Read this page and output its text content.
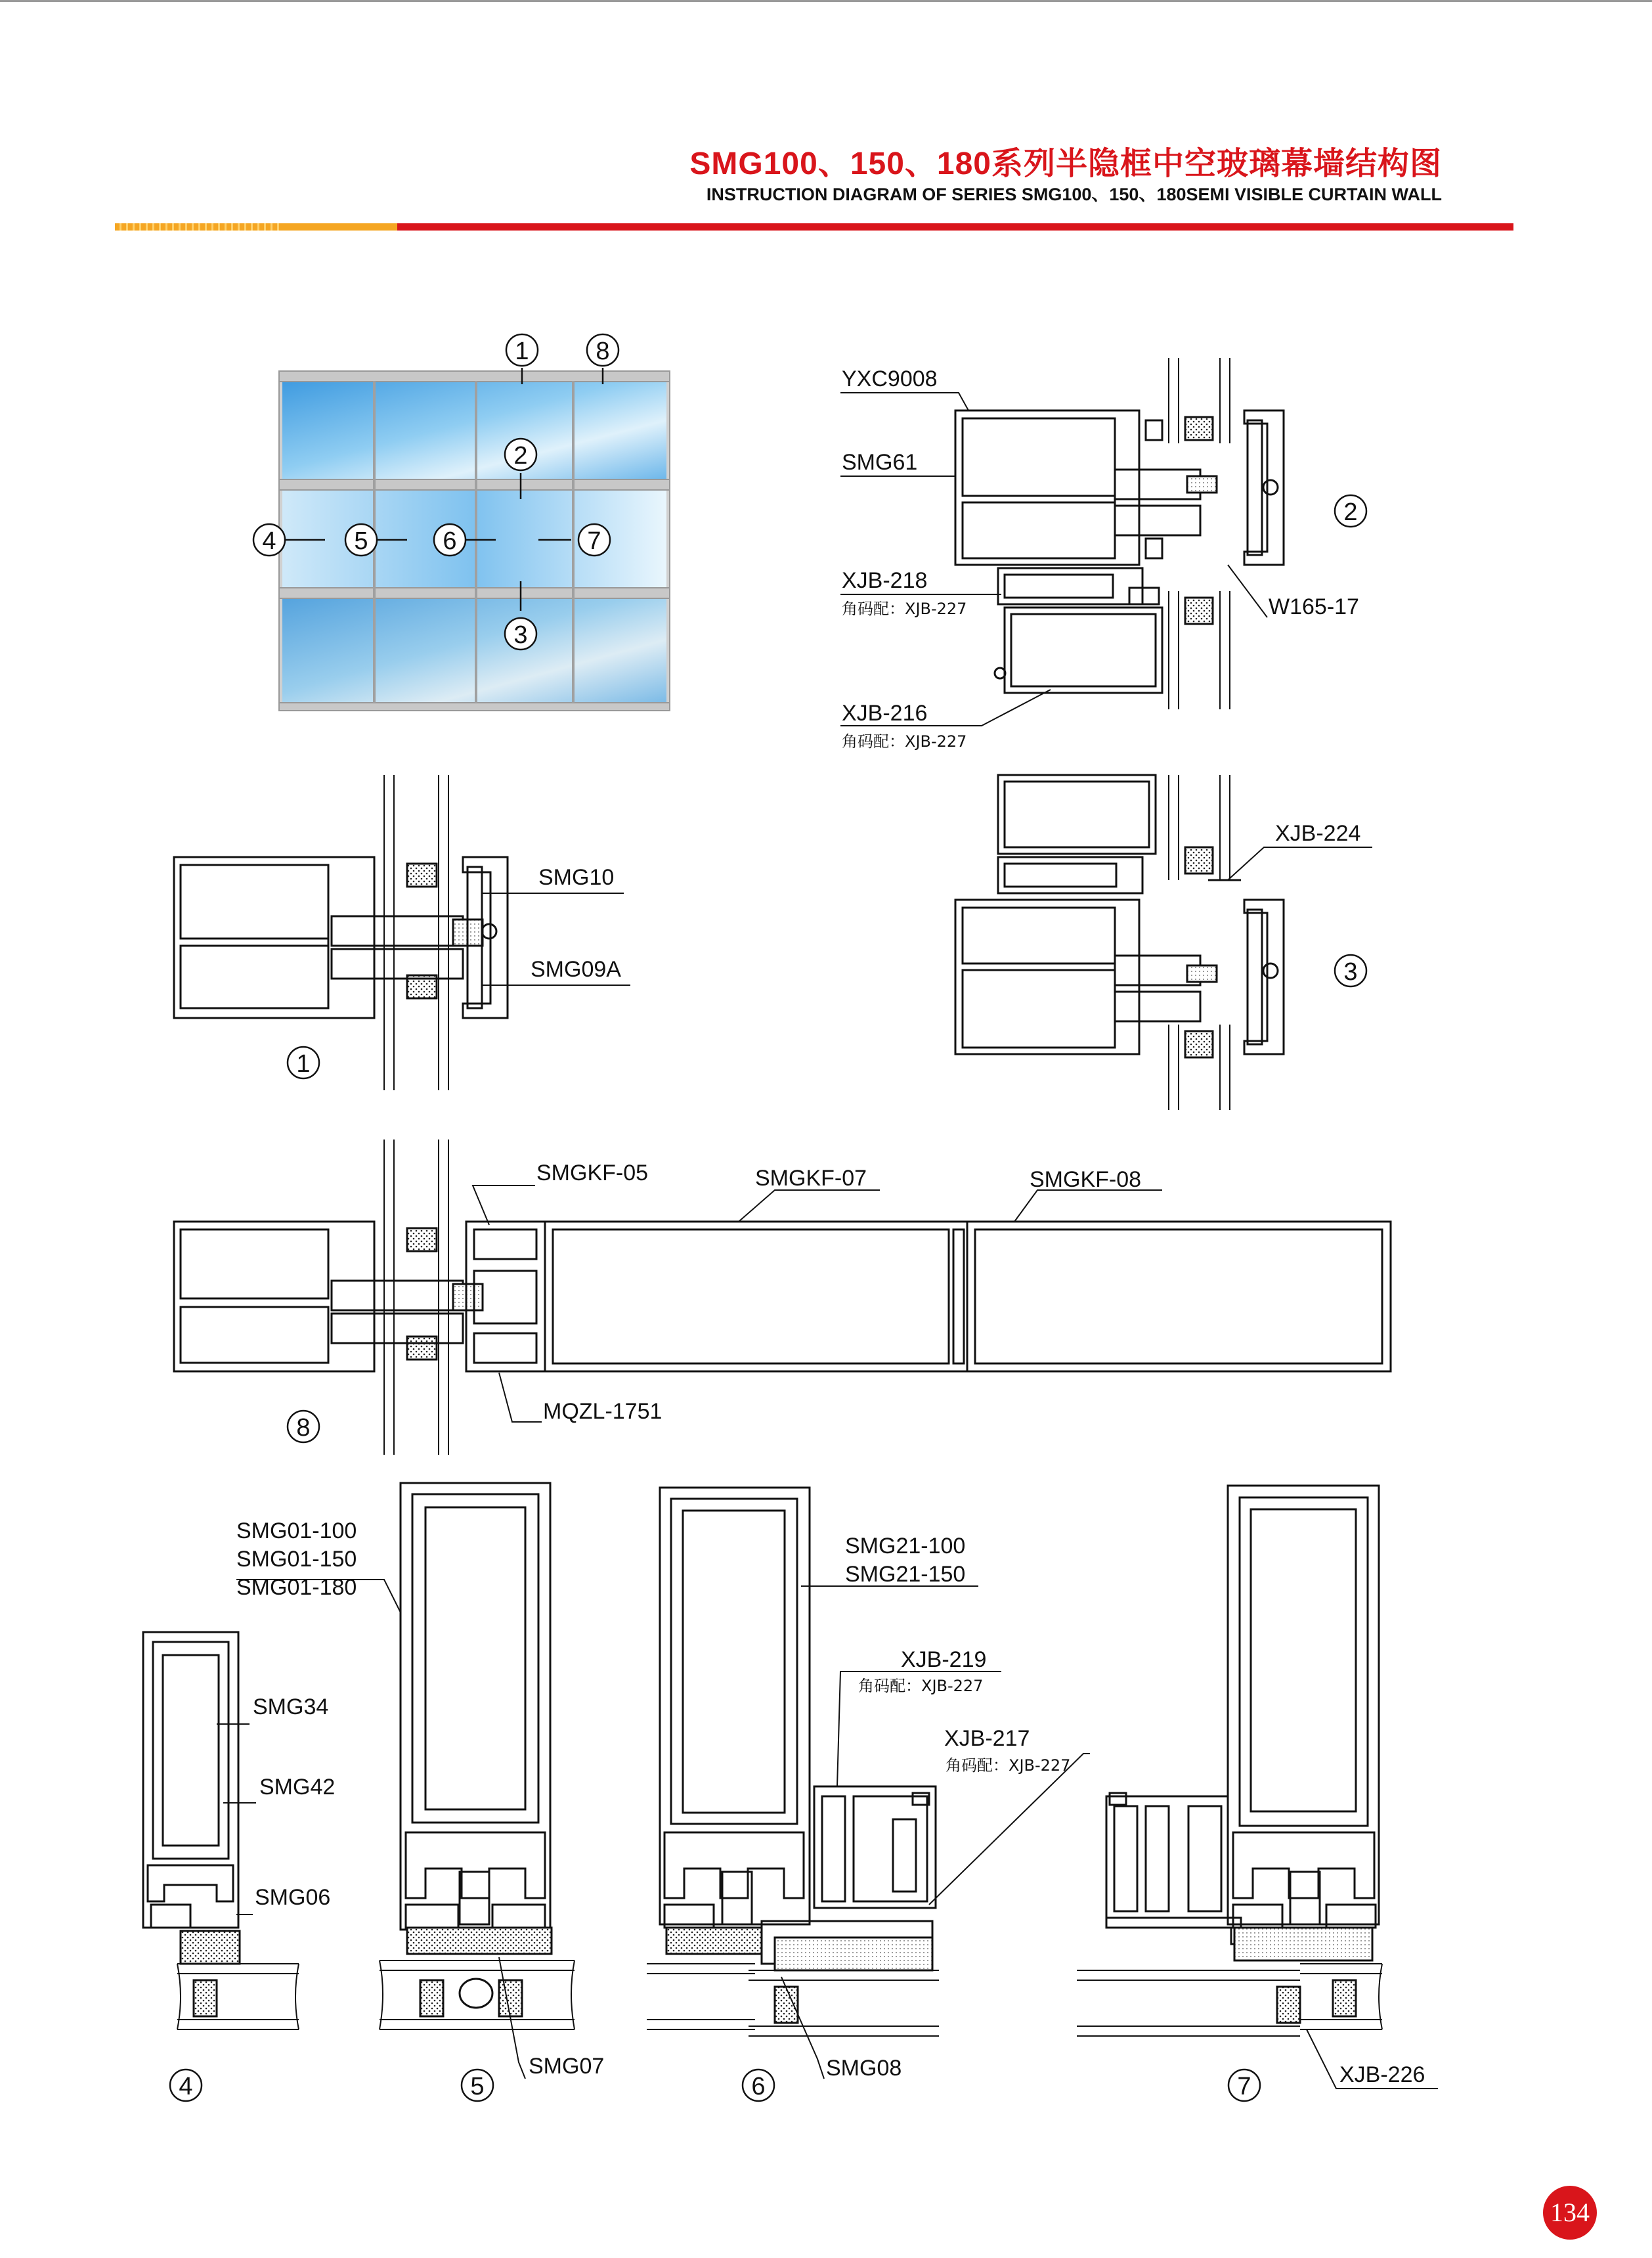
SMG100、150、180系列半隐框中空玻璃幕墙结构图
INSTRUCTION DIAGRAM OF SERIES SMG100、150、180SEMI VISIBLE CURTAIN WALL
1	8
2
4	5	6	7
3
YXC9008
SMG61
XJB-218
W165-17
XJB-216
角码配：XJB-227
角码配：XJB-227
2
SMG10
SMG09A
1
XJB-224
3
SMGKF-05	SMGKF-07	SMGKF-08
MQZL-1751
8
SMG34
SMG42
SMG06
4
SMG01-100
SMG01-150
SMG01-180
SMG07
5
SMG21-100
SMG21-150
XJB-219
XJB-217
SMG08
角码配：XJB-227
角码配：XJB-227
6	XJB-226
7
134
